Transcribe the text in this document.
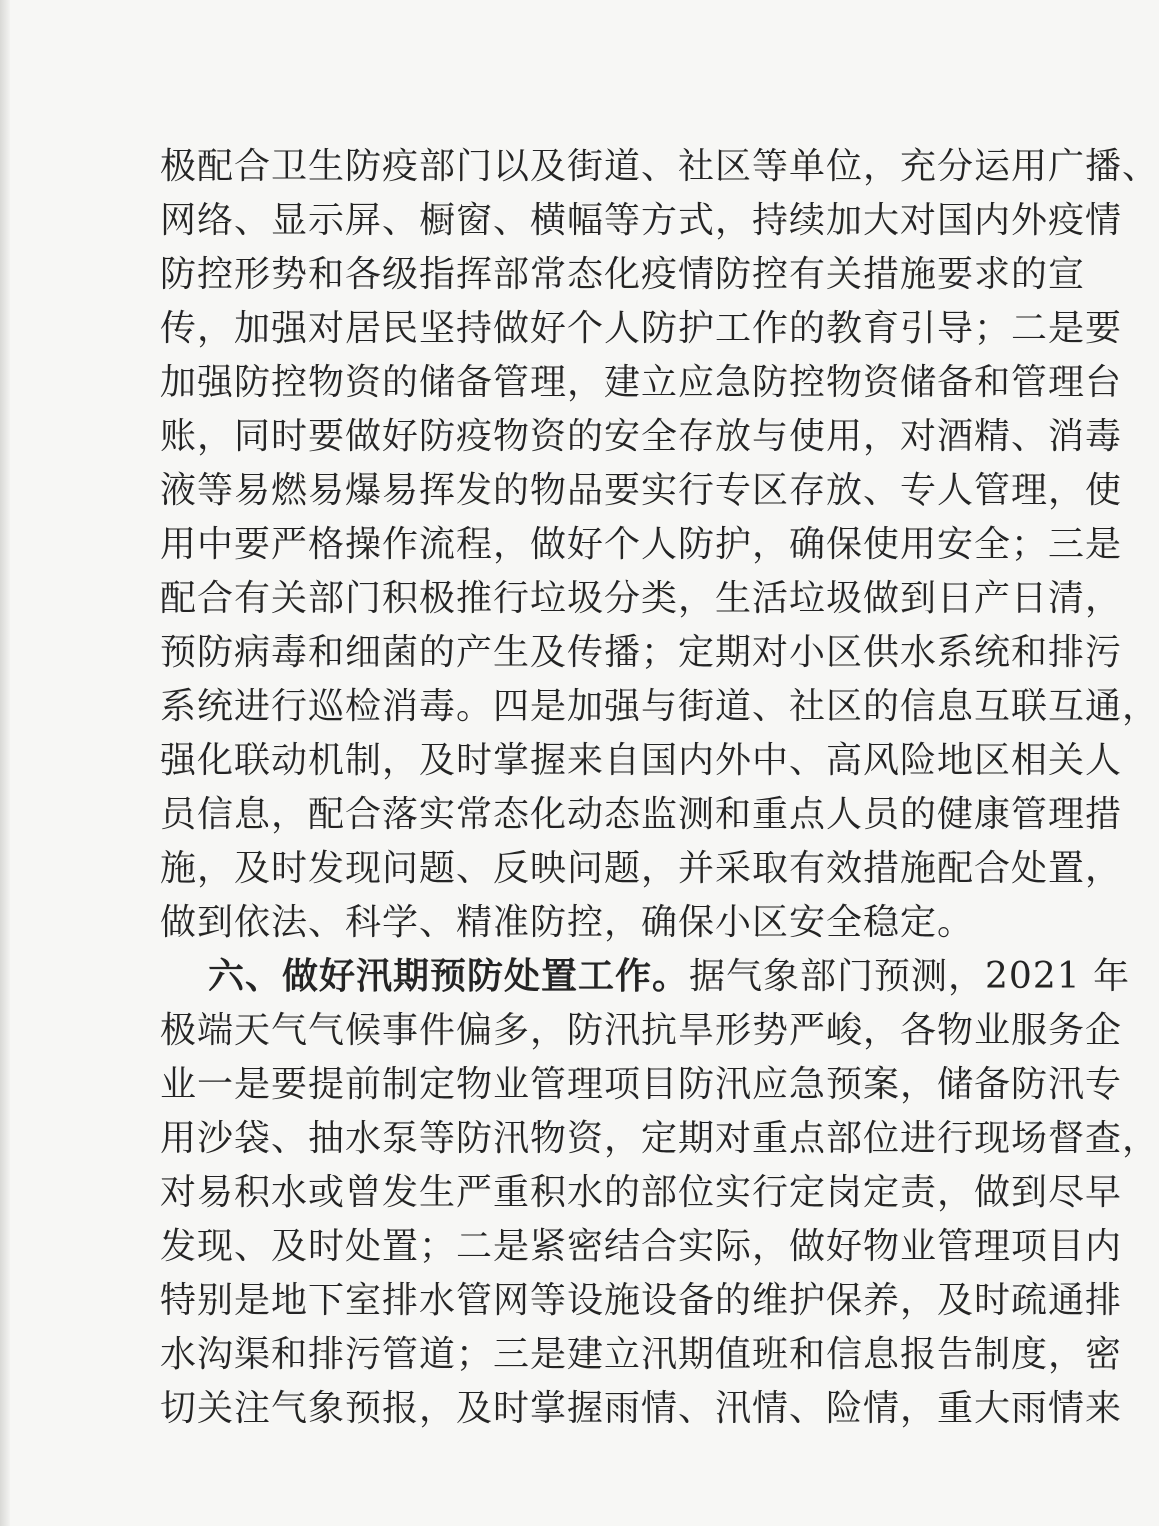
极配合卫生防疫部门以及街道、社区等单位，充分运用广播、
网络、显示屏、橱窗、横幅等方式，持续加大对国内外疫情
防控形势和各级指挥部常态化疫情防控有关措施要求的宣
传，加强对居民坚持做好个人防护工作的教育引导；二是要
加强防控物资的储备管理，建立应急防控物资储备和管理台
账，同时要做好防疫物资的安全存放与使用，对酒精、消毒
液等易燃易爆易挥发的物品要实行专区存放、专人管理，使
用中要严格操作流程，做好个人防护，确保使用安全；三是
配合有关部门积极推行垃圾分类，生活垃圾做到日产日清，
预防病毒和细菌的产生及传播；定期对小区供水系统和排污
系统进行巡检消毒。四是加强与街道、社区的信息互联互通，
强化联动机制，及时掌握来自国内外中、高风险地区相关人
员信息，配合落实常态化动态监测和重点人员的健康管理措
施，及时发现问题、反映问题，并采取有效措施配合处置，
做到依法、科学、精准防控，确保小区安全稳定。
六、做好汛期预防处置工作。据气象部门预测，2021 年
极端天气气候事件偏多，防汛抗旱形势严峻，各物业服务企
业一是要提前制定物业管理项目防汛应急预案，储备防汛专
用沙袋、抽水泵等防汛物资，定期对重点部位进行现场督查，
对易积水或曾发生严重积水的部位实行定岗定责，做到尽早
发现、及时处置；二是紧密结合实际，做好物业管理项目内
特别是地下室排水管网等设施设备的维护保养，及时疏通排
水沟渠和排污管道；三是建立汛期值班和信息报告制度，密
切关注气象预报，及时掌握雨情、汛情、险情，重大雨情来
